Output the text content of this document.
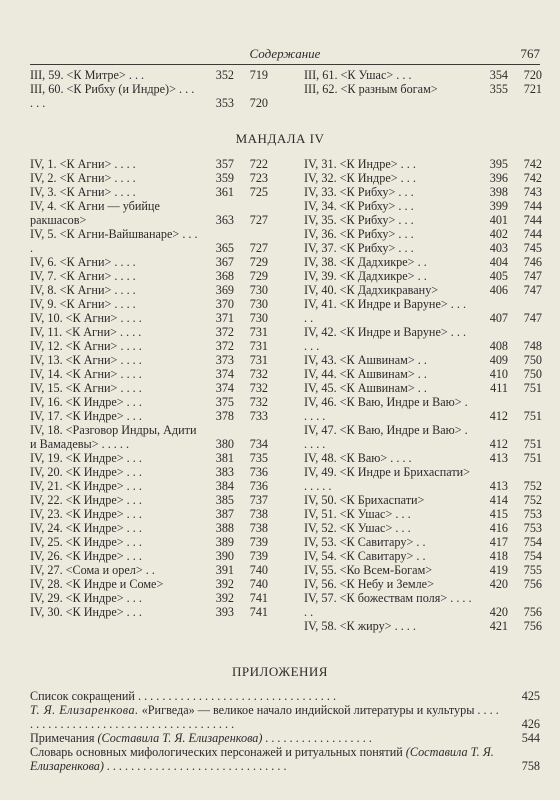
Содержание	767
III, 59. <К Митре> . . .	352	719
III, 60. <К Рибху (и Индре)> . . . . . .	353	720
III, 61. <К Ушас> . . .	354	720
III, 62. <К разным богам>	355	721
МАНДАЛА IV
IV, 1. <К Агни> . . . .	357	722
IV, 2. <К Агни> . . . .	359	723
IV, 3. <К Агни> . . . .	361	725
IV, 4. <К Агни — убийце ракшасов>	363	727
IV, 5. <К Агни-Вайшванаре> . . . .	365	727
IV, 6. <К Агни> . . . .	367	729
IV, 7. <К Агни> . . . .	368	729
IV, 8. <К Агни> . . . .	369	730
IV, 9. <К Агни> . . . .	370	730
IV, 10. <К Агни> . . . .	371	730
IV, 11. <К Агни> . . . .	372	731
IV, 12. <К Агни> . . . .	372	731
IV, 13. <К Агни> . . . .	373	731
IV, 14. <К Агни> . . . .	374	732
IV, 15. <К Агни> . . . .	374	732
IV, 16. <К Индре> . . .	375	732
IV, 17. <К Индре> . . .	378	733
IV, 18. <Разговор Индры, Адити и Вамадевы> . . . . .	380	734
IV, 19. <К Индре> . . .	381	735
IV, 20. <К Индре> . . .	383	736
IV, 21. <К Индре> . . .	384	736
IV, 22. <К Индре> . . .	385	737
IV, 23. <К Индре> . . .	387	738
IV, 24. <К Индре> . . .	388	738
IV, 25. <К Индре> . . .	389	739
IV, 26. <К Индре> . . .	390	739
IV, 27. <Сома и орел> . .	391	740
IV, 28. <К Индре и Соме>	392	740
IV, 29. <К Индре> . . .	392	741
IV, 30. <К Индре> . . .	393	741
IV, 31. <К Индре> . . .	395	742
IV, 32. <К Индре> . . .	396	742
IV, 33. <К Рибху> . . .	398	743
IV, 34. <К Рибху> . . .	399	744
IV, 35. <К Рибху> . . .	401	744
IV, 36. <К Рибху> . . .	402	744
IV, 37. <К Рибху> . . .	403	745
IV, 38. <К Дадхикре> . .	404	746
IV, 39. <К Дадхикре> . .	405	747
IV, 40. <К Дадхикравану>	406	747
IV, 41. <К Индре и Варуне> . . . . .	407	747
IV, 42. <К Индре и Варуне> . . . . . .	408	748
IV, 43. <К Ашвинам> . .	409	750
IV, 44. <К Ашвинам> . .	410	750
IV, 45. <К Ашвинам> . .	411	751
IV, 46. <К Ваю, Индре и Ваю> . . . . .	412	751
IV, 47. <К Ваю, Индре и Ваю> . . . . .	412	751
IV, 48. <К Ваю> . . . .	413	751
IV, 49. <К Индре и Брихаспати> . . . . .	413	752
IV, 50. <К Брихаспати>	414	752
IV, 51. <К Ушас> . . .	415	753
IV, 52. <К Ушас> . . .	416	753
IV, 53. <К Савитару> . .	417	754
IV, 54. <К Савитару> . .	418	754
IV, 55. <Ко Всем-Богам>	419	755
IV, 56. <К Небу и Земле>	420	756
IV, 57. <К божествам поля> . . . . . .	420	756
IV, 58. <К жиру> . . . .	421	756
ПРИЛОЖЕНИЯ
Список сокращений . . . . . . . . . . . . . . . . . . . . . . . . . . . . . . . . .	425
Т. Я. Елизаренкова. «Ригведа» — великое начало индийской литературы и культуры . . . . . . . . . . . . . . . . . . . . . . . . . . . . . . . . . . . . . .	426
Примечания (Составила Т. Я. Елизаренкова) . . . . . . . . . . . . . . . . . .	544
Словарь основных мифологических персонажей и ритуальных понятий (Составила Т. Я. Елизаренкова) . . . . . . . . . . . . . . . . . . . . . . . . . . . . . .	758
